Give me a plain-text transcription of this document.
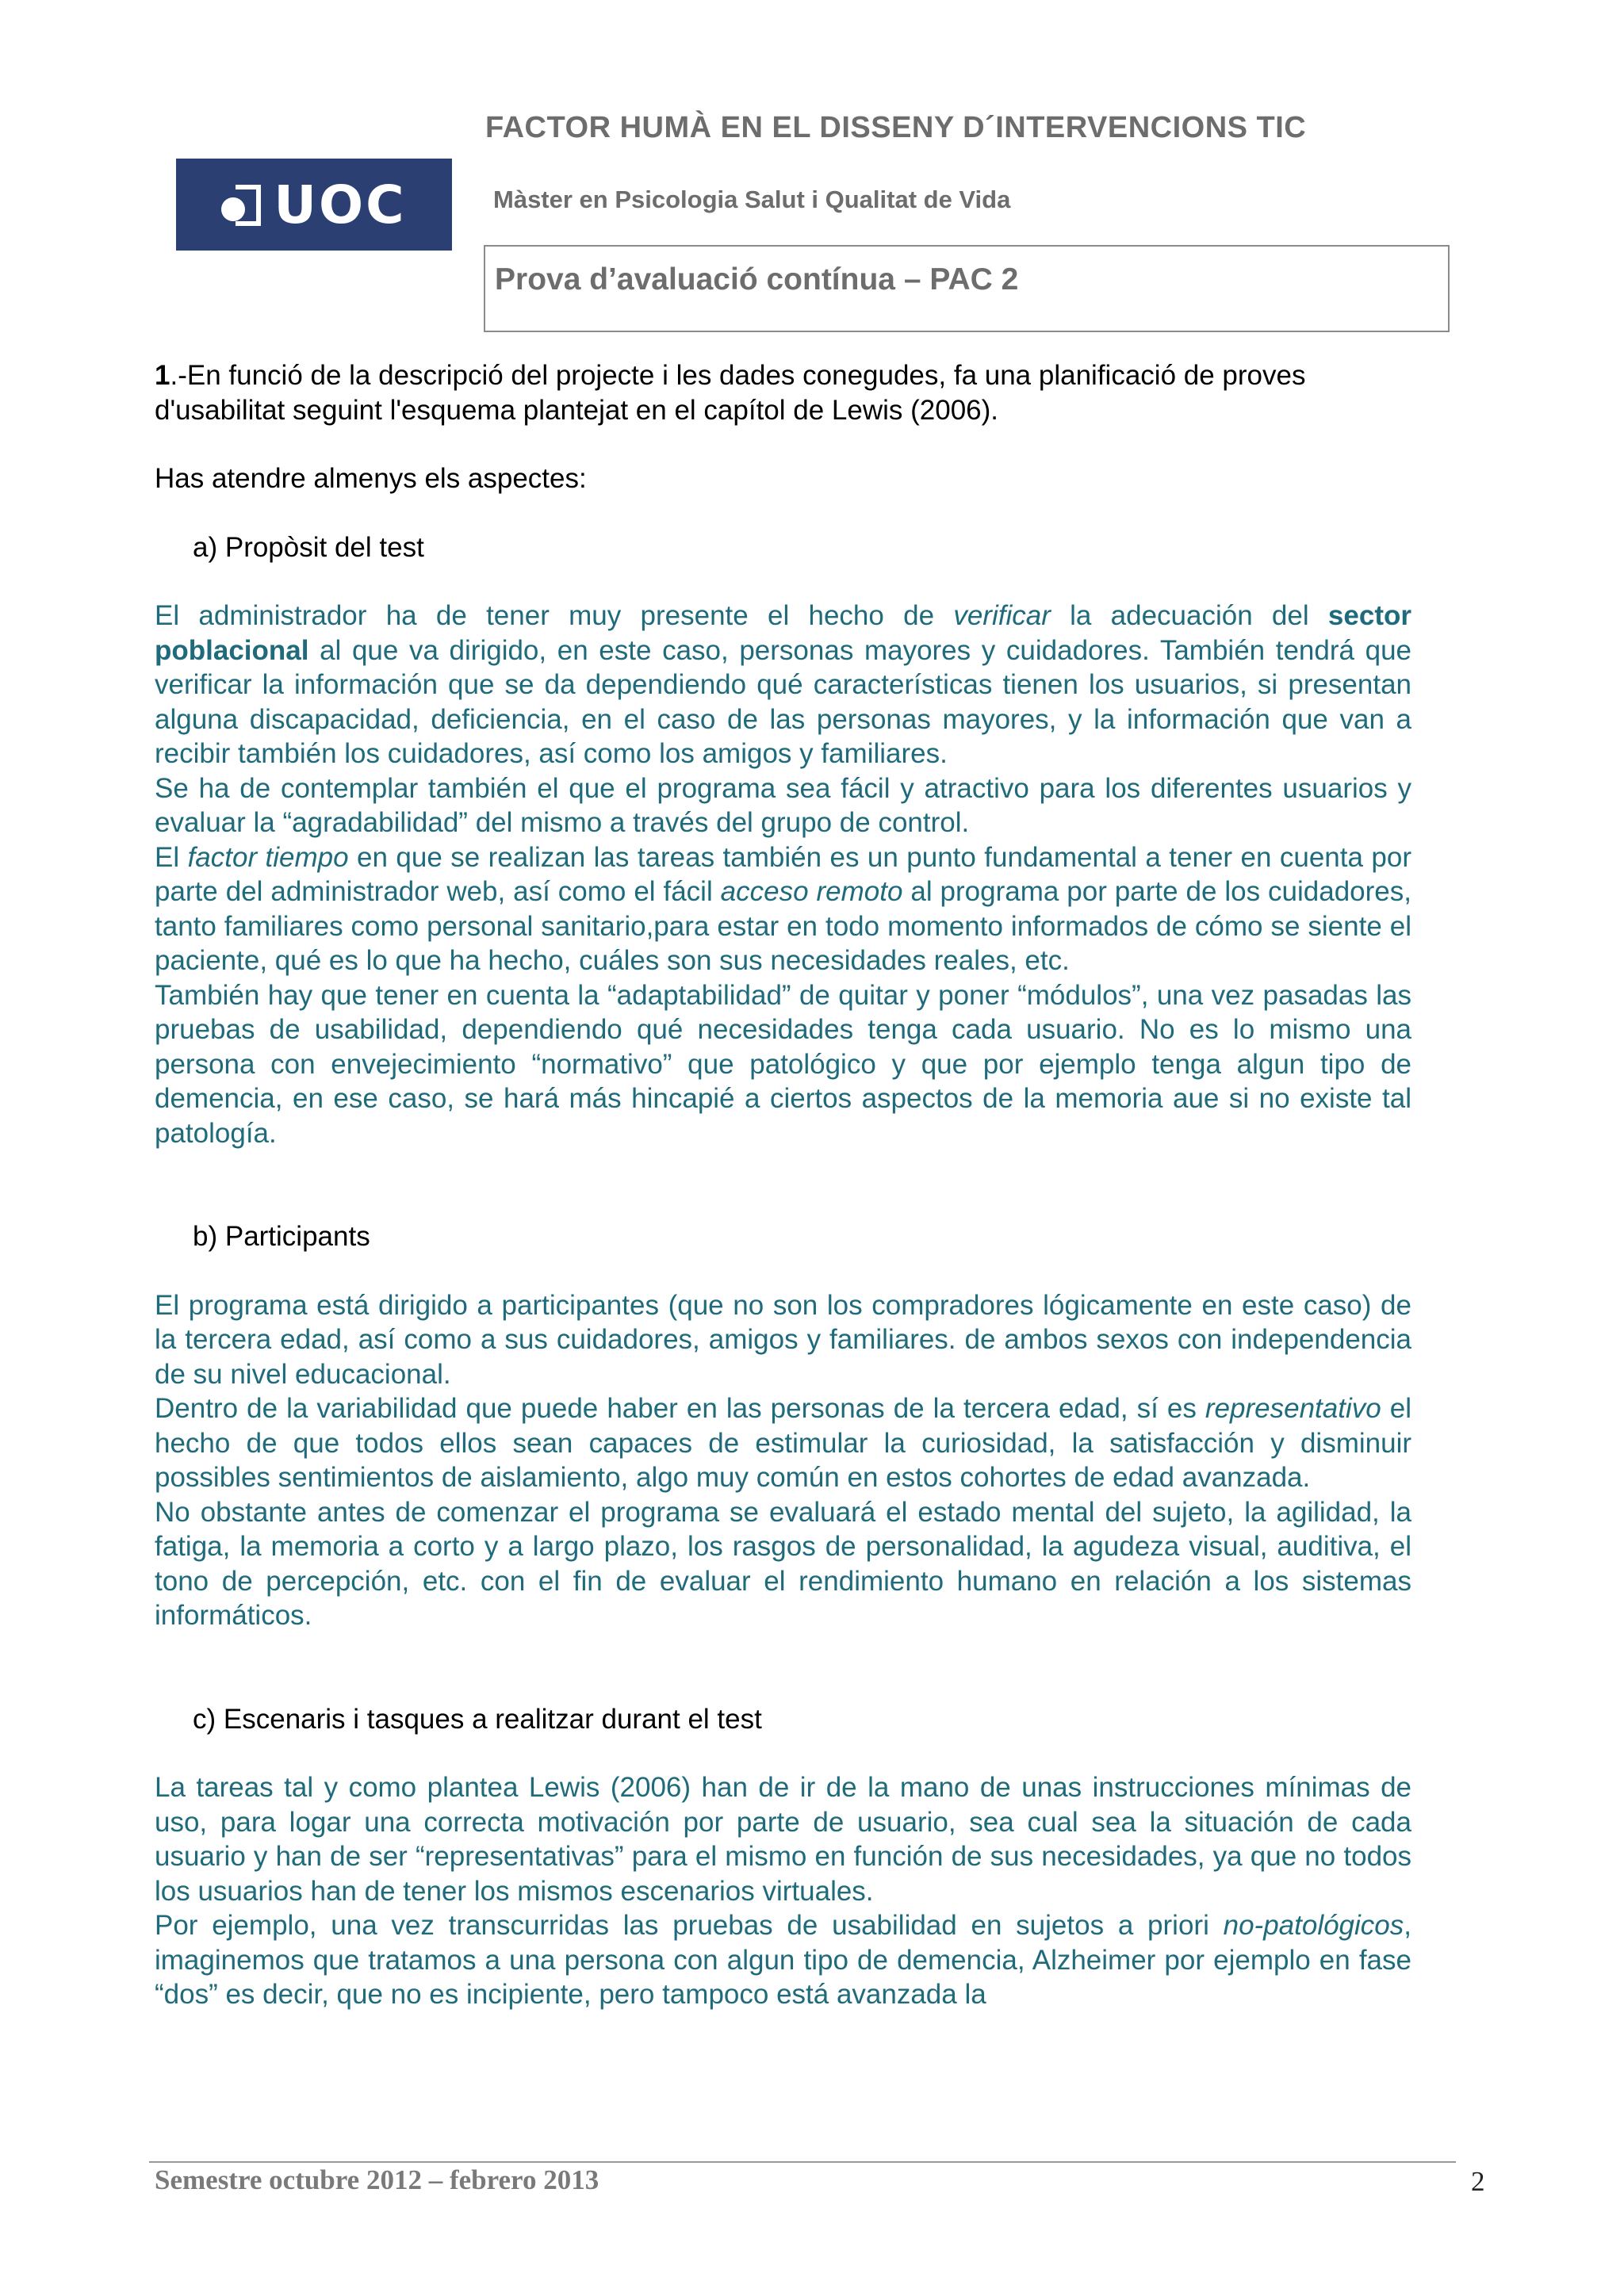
UOC
FACTOR HUMÀ EN EL DISSENY D´INTERVENCIONS TIC
Màster en Psicologia Salut i Qualitat de Vida
Prova d’avaluació contínua – PAC 2

1.-En funció de la descripció del projecte i les dades conegudes, fa una planificació de proves d'usabilitat seguint l'esquema plantejat en el capítol de Lewis (2006).

Has atendre almenys els aspectes:

a) Propòsit del test

El administrador ha de tener muy presente el hecho de verificar la adecuación del sector poblacional al que va dirigido, en este caso, personas mayores y cuidadores. También tendrá que verificar la información que se da dependiendo qué características tienen los usuarios, si presentan alguna discapacidad, deficiencia, en el caso de las personas mayores, y la información que van a recibir también los cuidadores, así como los amigos y familiares.

Se ha de contemplar también el que el programa sea fácil y atractivo para los diferentes usuarios y evaluar la “agradabilidad” del mismo a través del grupo de control.

El factor tiempo en que se realizan las tareas también es un punto fundamental a tener en cuenta por parte del administrador web, así como el fácil acceso remoto al programa por parte de los cuidadores, tanto familiares como personal sanitario,para estar en todo momento informados de cómo se siente el paciente, qué es lo que ha hecho, cuáles son sus necesidades reales, etc.

También hay que tener en cuenta la “adaptabilidad” de quitar y poner “módulos”, una vez pasadas las pruebas de usabilidad, dependiendo qué necesidades tenga cada usuario. No es lo mismo una persona con envejecimiento “normativo” que patológico y que por ejemplo tenga algun tipo de demencia, en ese caso, se hará más hincapié a ciertos aspectos de la memoria aue si no existe tal patología.

b) Participants

El programa está dirigido a participantes (que no son los compradores lógicamente en este caso) de la tercera edad, así como a sus cuidadores, amigos y familiares. de ambos sexos con independencia de su nivel educacional.

Dentro de la variabilidad que puede haber en las personas de la tercera edad, sí es representativo el hecho de que todos ellos sean capaces de estimular la curiosidad, la satisfacción y disminuir possibles sentimientos de aislamiento, algo muy común en estos cohortes de edad avanzada.

No obstante antes de comenzar el programa se evaluará el estado mental del sujeto, la agilidad, la fatiga, la memoria a corto y a largo plazo, los rasgos de personalidad, la agudeza visual, auditiva, el tono de percepción, etc. con el fin de evaluar el rendimiento humano en relación a los sistemas informáticos.

c) Escenaris i tasques a realitzar durant el test

La tareas tal y como plantea Lewis (2006) han de ir de la mano de unas instrucciones mínimas de uso, para logar una correcta motivación por parte de usuario, sea cual sea la situación de cada usuario y han de ser “representativas” para el mismo en función de sus necesidades, ya que no todos los usuarios han de tener los mismos escenarios virtuales.

Por ejemplo, una vez transcurridas las pruebas de usabilidad en sujetos a priori no-patológicos, imaginemos que tratamos a una persona con algun tipo de demencia, Alzheimer por ejemplo en fase “dos” es decir, que no es incipiente, pero tampoco está avanzada la

Semestre octubre 2012 – febrero 2013	2
